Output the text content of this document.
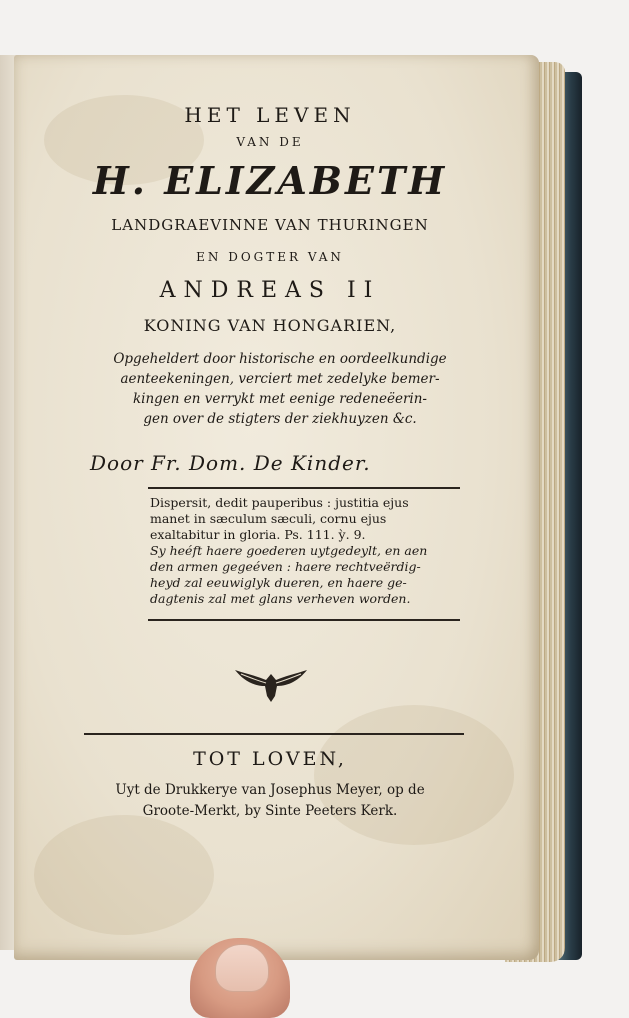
HET LEVEN
VAN DE
H. ELIZABETH
LANDGRAEVINNE VAN THURINGEN
EN DOGTER VAN
ANDREAS II
KONING VAN HONGARIEN,
Opgeheldert door historische en oordeelkundige
aenteekeningen, verciert met zedelyke bemer-
kingen en verrykt met eenige redeneëerin-
gen over de stigters der ziekhuyzen &c.
Door Fr. Dom. De Kinder.
Dispersit, dedit pauperibus : justitia ejus
manet in sæculum sæculi, cornu ejus
exaltabitur in gloria. Ps. 111. ỳ. 9.
Sy heéft haere goederen uytgedeylt, en aen
den armen gegeéven : haere rechtveërdig-
heyd zal eeuwiglyk dueren, en haere ge-
dagtenis zal met glans verheven worden.
TOT LOVEN,
Uyt de Drukkerye van Josephus Meyer, op de
Groote-Merkt, by Sinte Peeters Kerk.
